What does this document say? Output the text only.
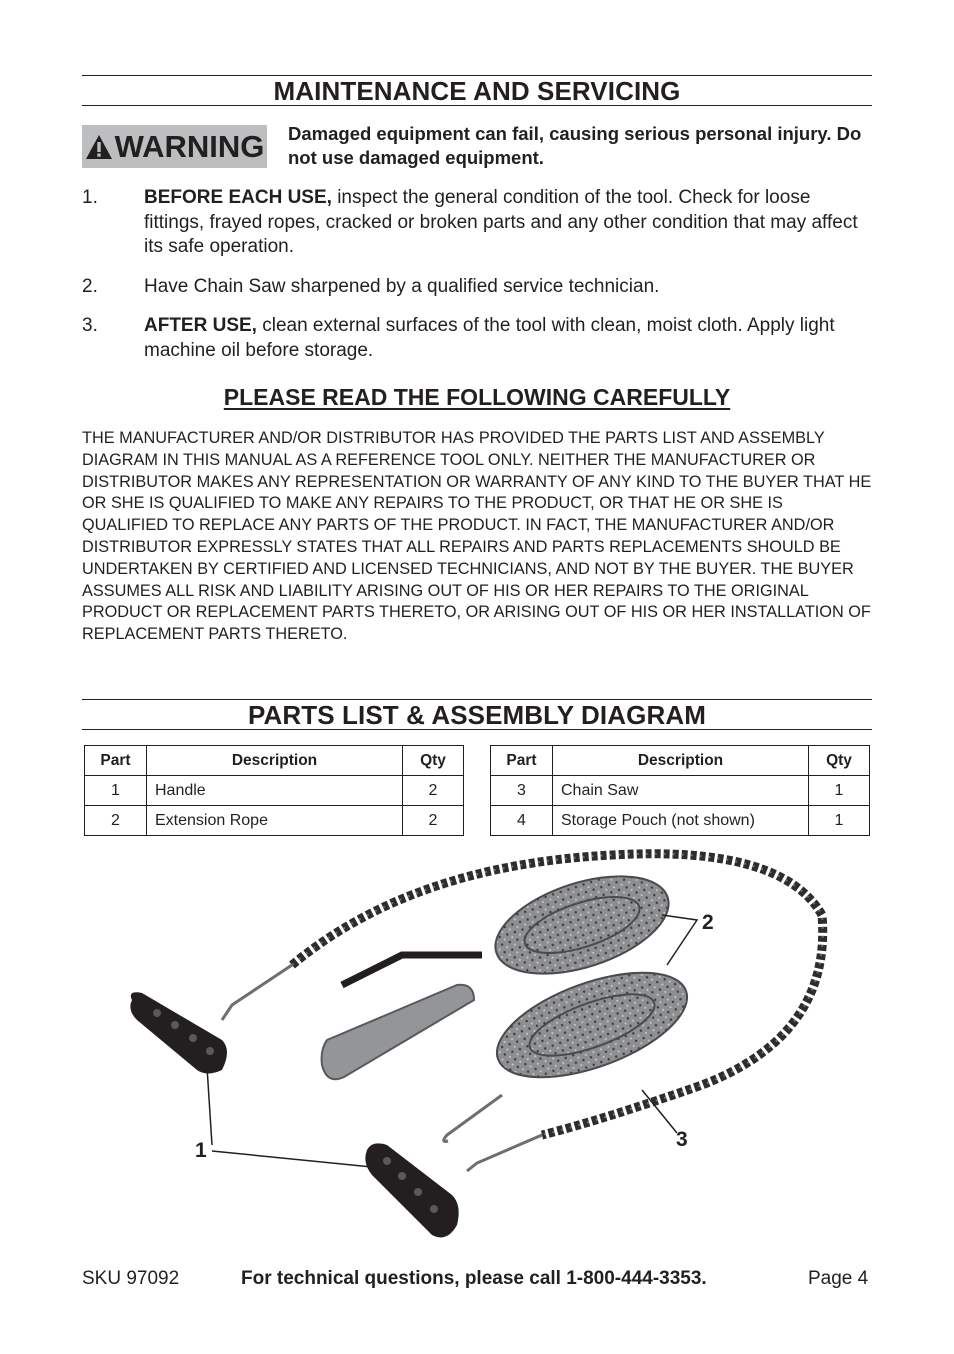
MAINTENANCE AND SERVICING
WARNING Damaged equipment can fail, causing serious personal injury. Do not use damaged equipment.
1. BEFORE EACH USE, inspect the general condition of the tool. Check for loose fittings, frayed ropes, cracked or broken parts and any other condition that may affect its safe operation.
2. Have Chain Saw sharpened by a qualified service technician.
3. AFTER USE, clean external surfaces of the tool with clean, moist cloth. Apply light machine oil before storage.
PLEASE READ THE FOLLOWING CAREFULLY
THE MANUFACTURER AND/OR DISTRIBUTOR HAS PROVIDED THE PARTS LIST AND ASSEMBLY DIAGRAM IN THIS MANUAL AS A REFERENCE TOOL ONLY. NEITHER THE MANUFACTURER OR DISTRIBUTOR MAKES ANY REPRESENTATION OR WARRANTY OF ANY KIND TO THE BUYER THAT HE OR SHE IS QUALIFIED TO MAKE ANY REPAIRS TO THE PRODUCT, OR THAT HE OR SHE IS QUALIFIED TO REPLACE ANY PARTS OF THE PRODUCT. IN FACT, THE MANUFACTURER AND/OR DISTRIBUTOR EXPRESSLY STATES THAT ALL REPAIRS AND PARTS REPLACEMENTS SHOULD BE UNDERTAKEN BY CERTIFIED AND LICENSED TECHNICIANS, AND NOT BY THE BUYER. THE BUYER ASSUMES ALL RISK AND LIABILITY ARISING OUT OF HIS OR HER REPAIRS TO THE ORIGINAL PRODUCT OR REPLACEMENT PARTS THERETO, OR ARISING OUT OF HIS OR HER INSTALLATION OF REPLACEMENT PARTS THERETO.
PARTS LIST & ASSEMBLY DIAGRAM
Part	Description	Qty
1	Handle	2
2	Extension Rope	2
Part	Description	Qty
3	Chain Saw	1
4	Storage Pouch (not shown)	1
1
2
3
SKU 97092	For technical questions, please call 1-800-444-3353.	Page 4
